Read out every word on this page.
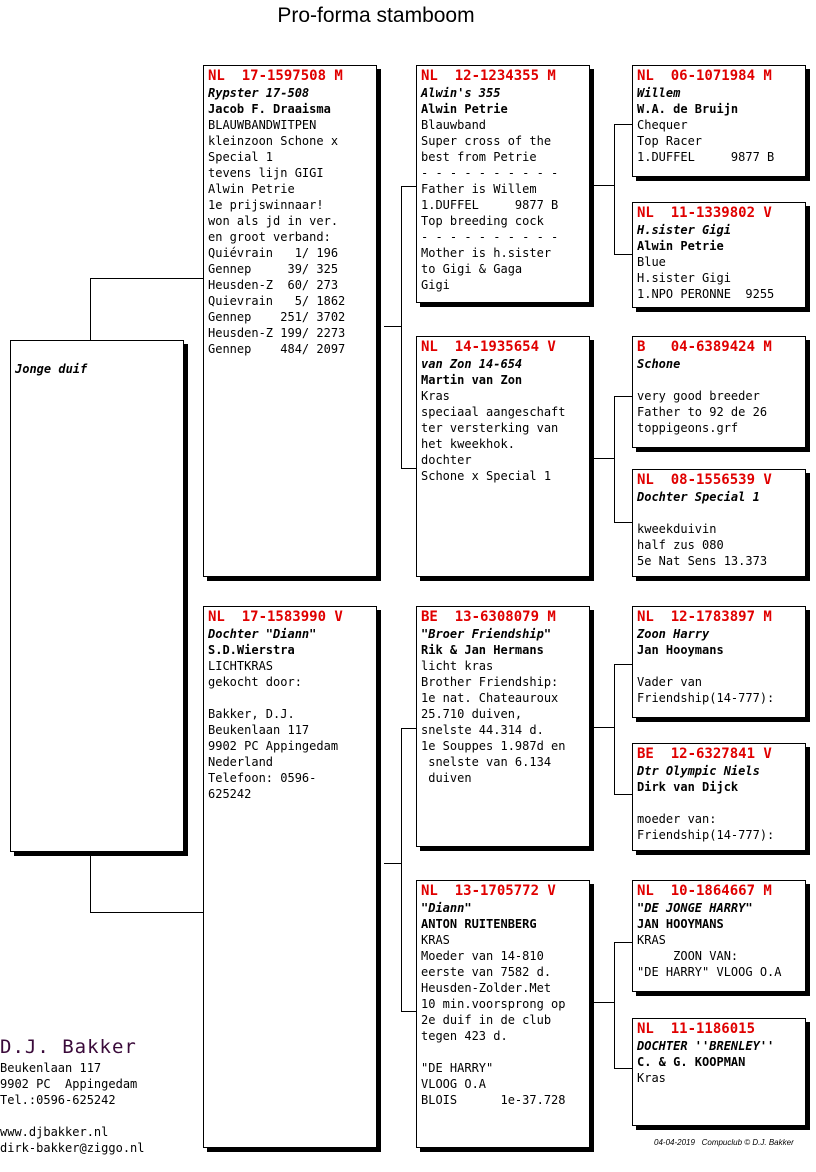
Pro-forma stamboom
Jonge duif
NL  17-1597508 M
Rypster 17-508
Jacob F. Draaisma
BLAUWBANDWITPEN
kleinzoon Schone x
Special 1
tevens lijn GIGI
Alwin Petrie
1e prijswinnaar!
won als jd in ver.
en groot verband:
Quiévrain   1/ 196
Gennep     39/ 325
Heusden-Z  60/ 273
Quievrain   5/ 1862
Gennep    251/ 3702
Heusden-Z 199/ 2273
Gennep    484/ 2097
NL  17-1583990 V
Dochter "Diann"
S.D.Wierstra
LICHTKRAS
gekocht door:

Bakker, D.J.
Beukenlaan 117
9902 PC Appingedam
Nederland
Telefoon: 0596-
625242
NL  12-1234355 M
Alwin's 355
Alwin Petrie
Blauwband
Super cross of the
best from Petrie
- - - - - - - - - -
Father is Willem
1.DUFFEL     9877 B
Top breeding cock
- - - - - - - - - -
Mother is h.sister
to Gigi & Gaga
Gigi
NL  14-1935654 V
van Zon 14-654
Martin van Zon
Kras
speciaal aangeschaft
ter versterking van
het kweekhok.
dochter
Schone x Special 1
BE  13-6308079 M
"Broer Friendship"
Rik & Jan Hermans
licht kras
Brother Friendship:
1e nat. Chateauroux
25.710 duiven,
snelste 44.314 d.
1e Souppes 1.987d en
snelste van 6.134
duiven
NL  13-1705772 V
"Diann"
ANTON RUITENBERG
KRAS
Moeder van 14-810
eerste van 7582 d.
Heusden-Zolder.Met
10 min.voorsprong op
2e duif in de club
tegen 423 d.

"DE HARRY"
VLOOG O.A
BLOIS      1e-37.728
NL  06-1071984 M
Willem
W.A. de Bruijn
Chequer
Top Racer
1.DUFFEL     9877 B
NL  11-1339802 V
H.sister Gigi
Alwin Petrie
Blue
H.sister Gigi
1.NPO PERONNE  9255
B   04-6389424 M
Schone

very good breeder
Father to 92 de 26
toppigeons.grf
NL  08-1556539 V
Dochter Special 1

kweekduivin
half zus 080
5e Nat Sens 13.373
NL  12-1783897 M
Zoon Harry
Jan Hooymans

Vader van
Friendship(14-777):
BE  12-6327841 V
Dtr Olympic Niels
Dirk van Dijck

moeder van:
Friendship(14-777):
NL  10-1864667 M
"DE JONGE HARRY"
JAN HOOYMANS
KRAS
ZOON VAN:
"DE HARRY" VLOOG O.A
NL  11-1186015
DOCHTER ''BRENLEY''
C. & G. KOOPMAN
Kras
D.J. Bakker
Beukenlaan 117
9902 PC  Appingedam
Tel.:0596-625242
www.djbakker.nl
dirk-bakker@ziggo.nl	04-04-2019   Compuclub © D.J. Bakker
